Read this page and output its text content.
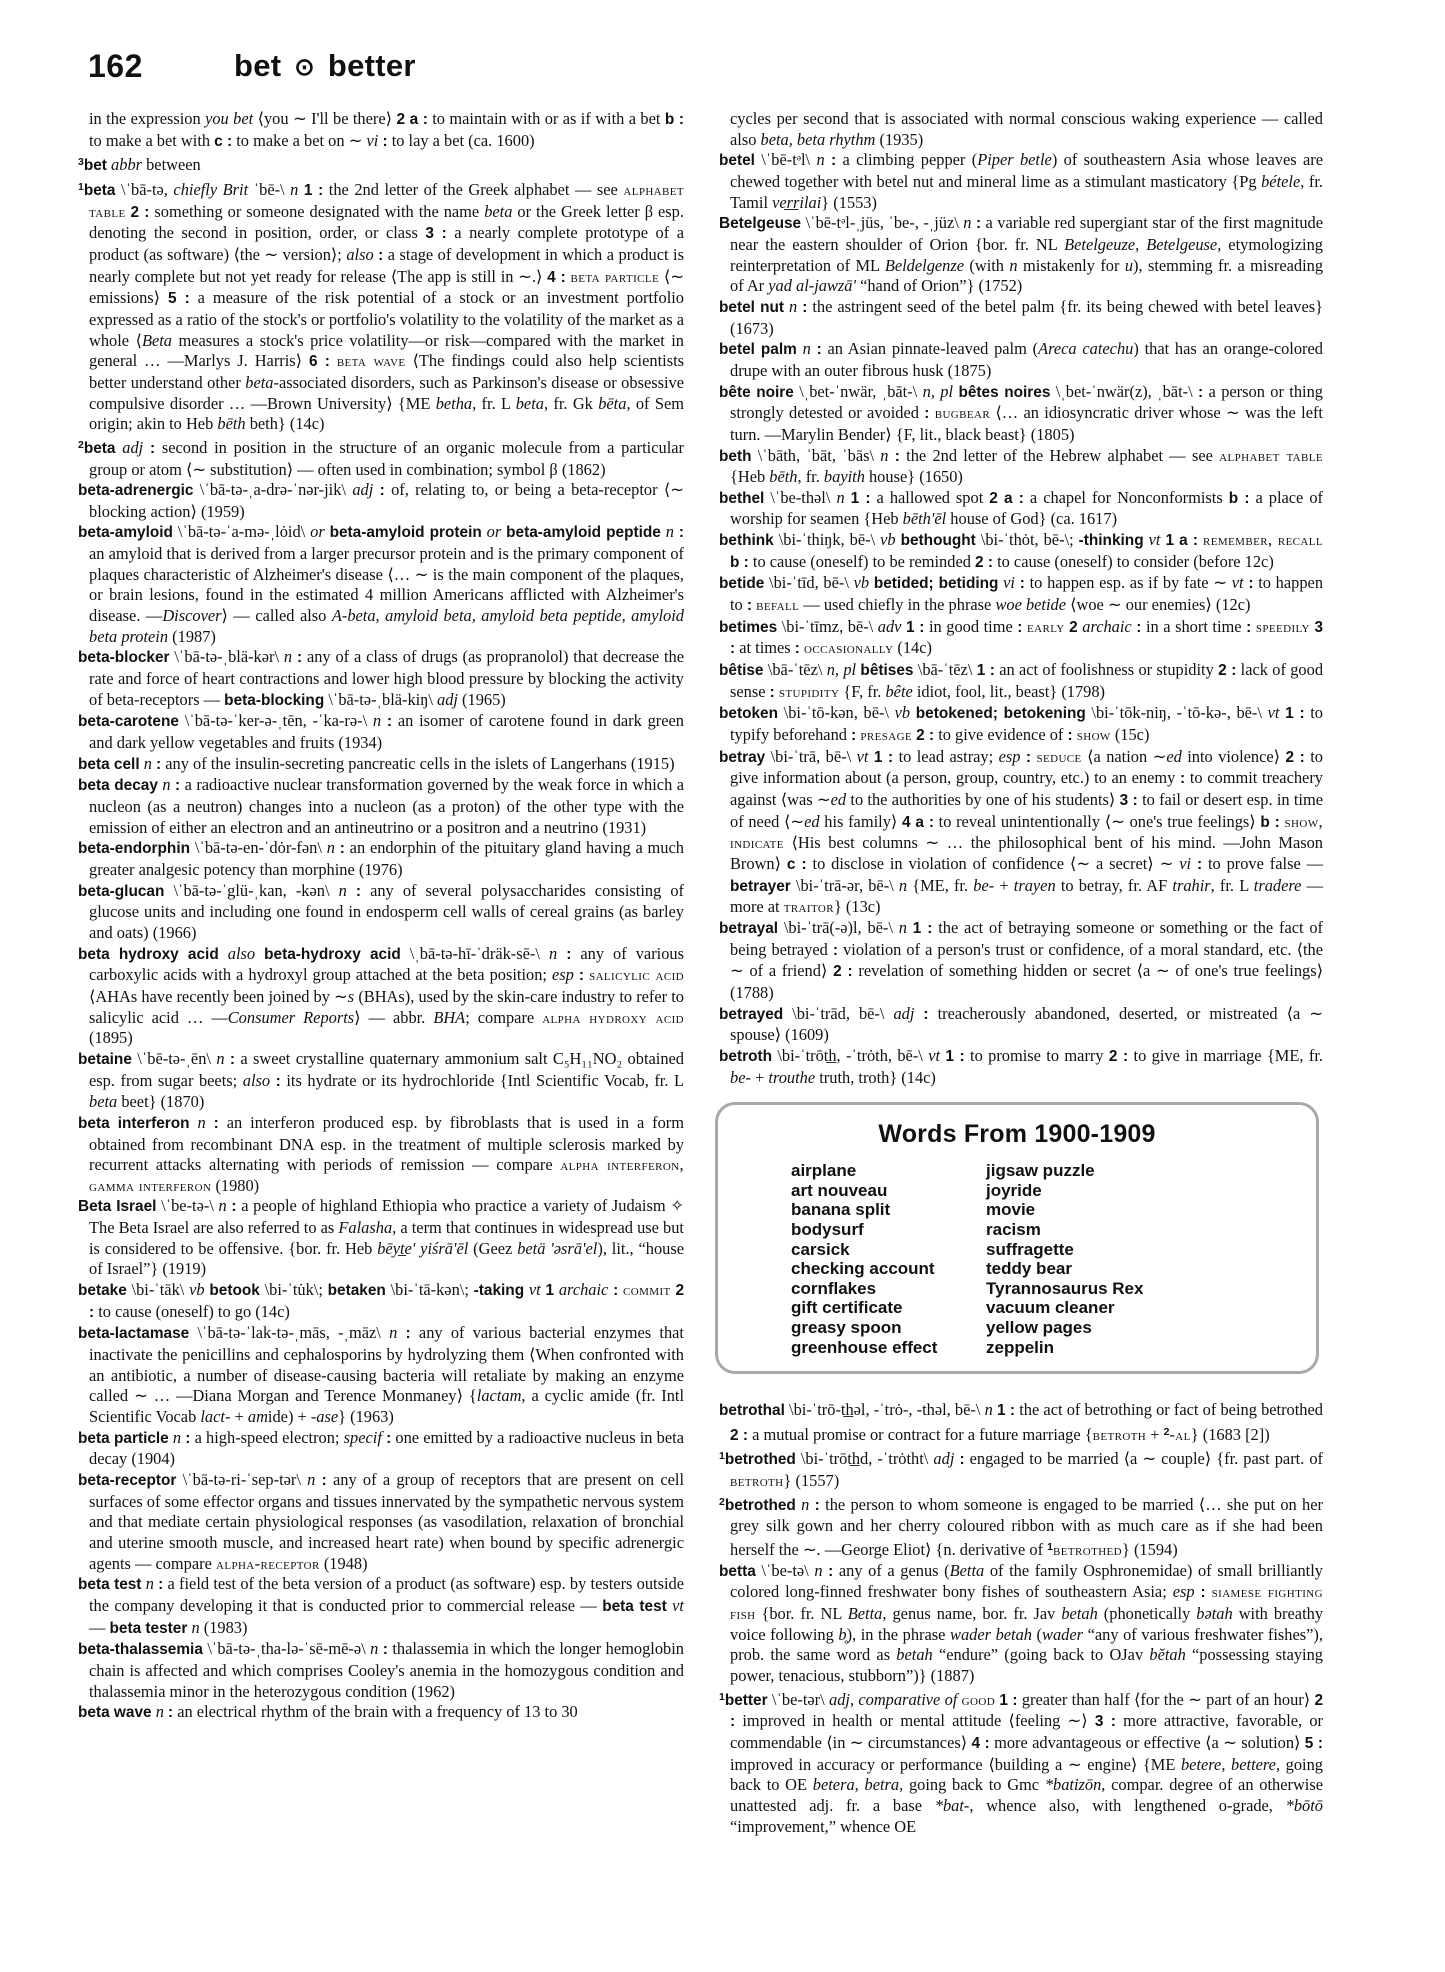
162	bet ⊙ better

in the expression you bet ⟨you ∼ I'll be there⟩ 2 a : to maintain with or as if with a bet b : to make a bet with c : to make a bet on ∼ vi : to lay a bet (ca. 1600)

$^3$bet abbr between

$^1$beta \ˈbā-tə, chiefly Brit ˈbē-\ n 1 : the 2nd letter of the Greek alphabet — see alphabet table 2 : something or someone designated with the name beta or the Greek letter β esp. denoting the second in position, order, or class 3 : a nearly complete prototype of a product (as software) ⟨the ∼ version⟩; also : a stage of development in which a product is nearly complete but not yet ready for release ⟨The app is still in ∼.⟩ 4 : beta particle ⟨∼ emissions⟩ 5 : a measure of the risk potential of a stock or an investment portfolio expressed as a ratio of the stock's or portfolio's volatility to the volatility of the market as a whole ⟨Beta measures a stock's price volatility—or risk—compared with the market in general … —Marlys J. Harris⟩ 6 : beta wave ⟨The findings could also help scientists better understand other beta-associated disorders, such as Parkinson's disease or obsessive compulsive disorder … —Brown University⟩ {ME betha, fr. L beta, fr. Gk bēta, of Sem origin; akin to Heb bēth beth} (14c)

$^2$beta adj : second in position in the structure of an organic molecule from a particular group or atom ⟨∼ substitution⟩ — often used in combination; symbol β (1862)

beta-adrenergic \ˈbā-tə-ˌa-drə-ˈnər-jik\ adj : of, relating to, or being a beta-receptor ⟨∼ blocking action⟩ (1959)

beta-amyloid \ˈbā-tə-ˈa-mə-ˌlȯid\ or beta-amyloid protein or beta-amyloid peptide n : an amyloid that is derived from a larger precursor protein and is the primary component of plaques characteristic of Alzheimer's disease ⟨… ∼ is the main component of the plaques, or brain lesions, found in the estimated 4 million Americans afflicted with Alzheimer's disease. —Discover⟩ — called also A-beta, amyloid beta, amyloid beta peptide, amyloid beta protein (1987)

beta-blocker \ˈbā-tə-ˌblä-kər\ n : any of a class of drugs (as propranolol) that decrease the rate and force of heart contractions and lower high blood pressure by blocking the activity of beta-receptors — beta-blocking \ˈbā-tə-ˌblä-kiŋ\ adj (1965)

beta-carotene \ˈbā-tə-ˈker-ə-ˌtēn, -ˈka-rə-\ n : an isomer of carotene found in dark green and dark yellow vegetables and fruits (1934)

beta cell n : any of the insulin-secreting pancreatic cells in the islets of Langerhans (1915)

beta decay n : a radioactive nuclear transformation governed by the weak force in which a nucleon (as a neutron) changes into a nucleon (as a proton) of the other type with the emission of either an electron and an antineutrino or a positron and a neutrino (1931)

beta-endorphin \ˈbā-tə-en-ˈdȯr-fən\ n : an endorphin of the pituitary gland having a much greater analgesic potency than morphine (1976)

beta-glucan \ˈbā-tə-ˈglü-ˌkan, -kən\ n : any of several polysaccharides consisting of glucose units and including one found in endosperm cell walls of cereal grains (as barley and oats) (1966)

beta hydroxy acid also beta-hydroxy acid \ˌbā-tə-hī-ˈdräk-sē-\ n : any of various carboxylic acids with a hydroxyl group attached at the beta position; esp : salicylic acid ⟨AHAs have recently been joined by ∼s (BHAs), used by the skin-care industry to refer to salicylic acid … —Consumer Reports⟩ — abbr. BHA; compare alpha hydroxy acid (1895)

betaine \ˈbē-tə-ˌēn\ n : a sweet crystalline quaternary ammonium salt C₅H₁₁NO₂ obtained esp. from sugar beets; also : its hydrate or its hydrochloride {Intl Scientific Vocab, fr. L beta beet} (1870)

beta interferon n : an interferon produced esp. by fibroblasts that is used in a form obtained from recombinant DNA esp. in the treatment of multiple sclerosis marked by recurrent attacks alternating with periods of remission — compare alpha interferon, gamma interferon (1980)

Beta Israel \ˈbe-tə-\ n : a people of highland Ethiopia who practice a variety of Judaism ✧ The Beta Israel are also referred to as Falasha, a term that continues in widespread use but is considered to be offensive. {bor. fr. Heb bēyt̲e' yiśrā'ēl (Geez betä 'əsrā'el), lit., “house of Israel”} (1919)

betake \bi-ˈtāk\ vb betook \bi-ˈtu̇k\; betaken \bi-ˈtā-kən\; -taking vt 1 archaic : commit 2 : to cause (oneself) to go (14c)

beta-lactamase \ˈbā-tə-ˈlak-tə-ˌmās, -ˌmāz\ n : any of various bacterial enzymes that inactivate the penicillins and cephalosporins by hydrolyzing them ⟨When confronted with an antibiotic, a number of disease-causing bacteria will retaliate by making an enzyme called ∼ … —Diana Morgan and Terence Monmaney⟩ {lactam, a cyclic amide (fr. Intl Scientific Vocab lact- + amide) + -ase} (1963)

beta particle n : a high-speed electron; specif : one emitted by a radioactive nucleus in beta decay (1904)

beta-receptor \ˈbā-tə-ri-ˈsep-tər\ n : any of a group of receptors that are present on cell surfaces of some effector organs and tissues innervated by the sympathetic nervous system and that mediate certain physiological responses (as vasodilation, relaxation of bronchial and uterine smooth muscle, and increased heart rate) when bound by specific adrenergic agents — compare alpha-receptor (1948)

beta test n : a field test of the beta version of a product (as software) esp. by testers outside the company developing it that is conducted prior to commercial release — beta test vt — beta tester n (1983)

beta-thalassemia \ˈbā-tə-ˌtha-lə-ˈsē-mē-ə\ n : thalassemia in which the longer hemoglobin chain is affected and which comprises Cooley's anemia in the homozygous condition and thalassemia minor in the heterozygous condition (1962)

beta wave n : an electrical rhythm of the brain with a frequency of 13 to 30

cycles per second that is associated with normal conscious waking experience — called also beta, beta rhythm (1935)

betel \ˈbē-tᵊl\ n : a climbing pepper (Piper betle) of southeastern Asia whose leaves are chewed together with betel nut and mineral lime as a stimulant masticatory {Pg bétele, fr. Tamil ver̲r̲ilai} (1553)

Betelgeuse \ˈbē-tᵊl-ˌjüs, ˈbe-, -ˌjüz\ n : a variable red supergiant star of the first magnitude near the eastern shoulder of Orion {bor. fr. NL Betelgeuze, Betelgeuse, etymologizing reinterpretation of ML Beldelgenze (with n mistakenly for u), stemming fr. a misreading of Ar yad al-jawzā' “hand of Orion”} (1752)

betel nut n : the astringent seed of the betel palm {fr. its being chewed with betel leaves} (1673)

betel palm n : an Asian pinnate-leaved palm (Areca catechu) that has an orange-colored drupe with an outer fibrous husk (1875)

bête noire \ˌbet-ˈnwär, ˌbāt-\ n, pl bêtes noires \ˌbet-ˈnwär(z), ˌbāt-\ : a person or thing strongly detested or avoided : bugbear ⟨… an idiosyncratic driver whose ∼ was the left turn. —Marylin Bender⟩ {F, lit., black beast} (1805)

beth \ˈbāth, ˈbāt, ˈbās\ n : the 2nd letter of the Hebrew alphabet — see alphabet table {Heb bēth, fr. bayith house} (1650)

bethel \ˈbe-thəl\ n 1 : a hallowed spot 2 a : a chapel for Nonconformists b : a place of worship for seamen {Heb bēth'ēl house of God} (ca. 1617)

bethink \bi-ˈthiŋk, bē-\ vb bethought \bi-ˈthȯt, bē-\; -thinking vt 1 a : remember, recall b : to cause (oneself) to be reminded 2 : to cause (oneself) to consider (before 12c)

betide \bi-ˈtīd, bē-\ vb betided; betiding vi : to happen esp. as if by fate ∼ vt : to happen to : befall — used chiefly in the phrase woe betide ⟨woe ∼ our enemies⟩ (12c)

betimes \bi-ˈtīmz, bē-\ adv 1 : in good time : early 2 archaic : in a short time : speedily 3 : at times : occasionally (14c)

bêtise \bā-ˈtēz\ n, pl bêtises \bā-ˈtēz\ 1 : an act of foolishness or stupidity 2 : lack of good sense : stupidity {F, fr. bête idiot, fool, lit., beast} (1798)

betoken \bi-ˈtō-kən, bē-\ vb betokened; betokening \bi-ˈtōk-niŋ, -ˈtō-kə-, bē-\ vt 1 : to typify beforehand : presage 2 : to give evidence of : show (15c)

betray \bi-ˈtrā, bē-\ vt 1 : to lead astray; esp : seduce ⟨a nation ∼ed into violence⟩ 2 : to give information about (a person, group, country, etc.) to an enemy : to commit treachery against ⟨was ∼ed to the authorities by one of his students⟩ 3 : to fail or desert esp. in time of need ⟨∼ed his family⟩ 4 a : to reveal unintentionally ⟨∼ one's true feelings⟩ b : show, indicate ⟨His best columns ∼ … the philosophical bent of his mind. —John Mason Brown⟩ c : to disclose in violation of confidence ⟨∼ a secret⟩ ∼ vi : to prove false — betrayer \bi-ˈtrā-ər, bē-\ n {ME, fr. be- + trayen to betray, fr. AF trahir, fr. L tradere — more at traitor} (13c)

betrayal \bi-ˈtrā(-ə)l, bē-\ n 1 : the act of betraying someone or something or the fact of being betrayed : violation of a person's trust or confidence, of a moral standard, etc. ⟨the ∼ of a friend⟩ 2 : revelation of something hidden or secret ⟨a ∼ of one's true feelings⟩ (1788)

betrayed \bi-ˈtrād, bē-\ adj : treacherously abandoned, deserted, or mistreated ⟨a ∼ spouse⟩ (1609)

betroth \bi-ˈtrōt͟h, -ˈtrȯth, bē-\ vt 1 : to promise to marry 2 : to give in marriage {ME, fr. be- + trouthe truth, troth} (14c)

Words From 1900-1909
airplane
art nouveau
banana split
bodysurf
carsick
checking account
cornflakes
gift certificate
greasy spoon
greenhouse effect
jigsaw puzzle
joyride
movie
racism
suffragette
teddy bear
Tyrannosaurus Rex
vacuum cleaner
yellow pages
zeppelin

betrothal \bi-ˈtrō-t͟həl, -ˈtrȯ-, -thəl, bē-\ n 1 : the act of betrothing or fact of being betrothed 2 : a mutual promise or contract for a future marriage {betroth + $^2$-al} (1683 [2])

$^1$betrothed \bi-ˈtrōt͟hd, -ˈtrȯtht\ adj : engaged to be married ⟨a ∼ couple⟩ {fr. past part. of betroth} (1557)

$^2$betrothed n : the person to whom someone is engaged to be married ⟨… she put on her grey silk gown and her cherry coloured ribbon with as much care as if she had been herself the ∼. —George Eliot⟩ {n. derivative of $^1$betrothed} (1594)

betta \ˈbe-tə\ n : any of a genus (Betta of the family Osphronemidae) of small brilliantly colored long-finned freshwater bony fishes of southeastern Asia; esp : siamese fighting fish {bor. fr. NL Betta, genus name, bor. fr. Jav betah (phonetically bətah with breathy voice following b̥), in the phrase wader betah (wader “any of various freshwater fishes”), prob. the same word as betah “endure” (going back to OJav bĕtah “possessing staying power, tenacious, stubborn”)} (1887)

$^1$better \ˈbe-tər\ adj, comparative of good 1 : greater than half ⟨for the ∼ part of an hour⟩ 2 : improved in health or mental attitude ⟨feeling ∼⟩ 3 : more attractive, favorable, or commendable ⟨in ∼ circumstances⟩ 4 : more advantageous or effective ⟨a ∼ solution⟩ 5 : improved in accuracy or performance ⟨building a ∼ engine⟩ {ME betere, bettere, going back to OE betera, betra, going back to Gmc *batizōn, compar. degree of an otherwise unattested adj. fr. a base *bat-, whence also, with lengthened o-grade, *bōtō “improvement,” whence OE
